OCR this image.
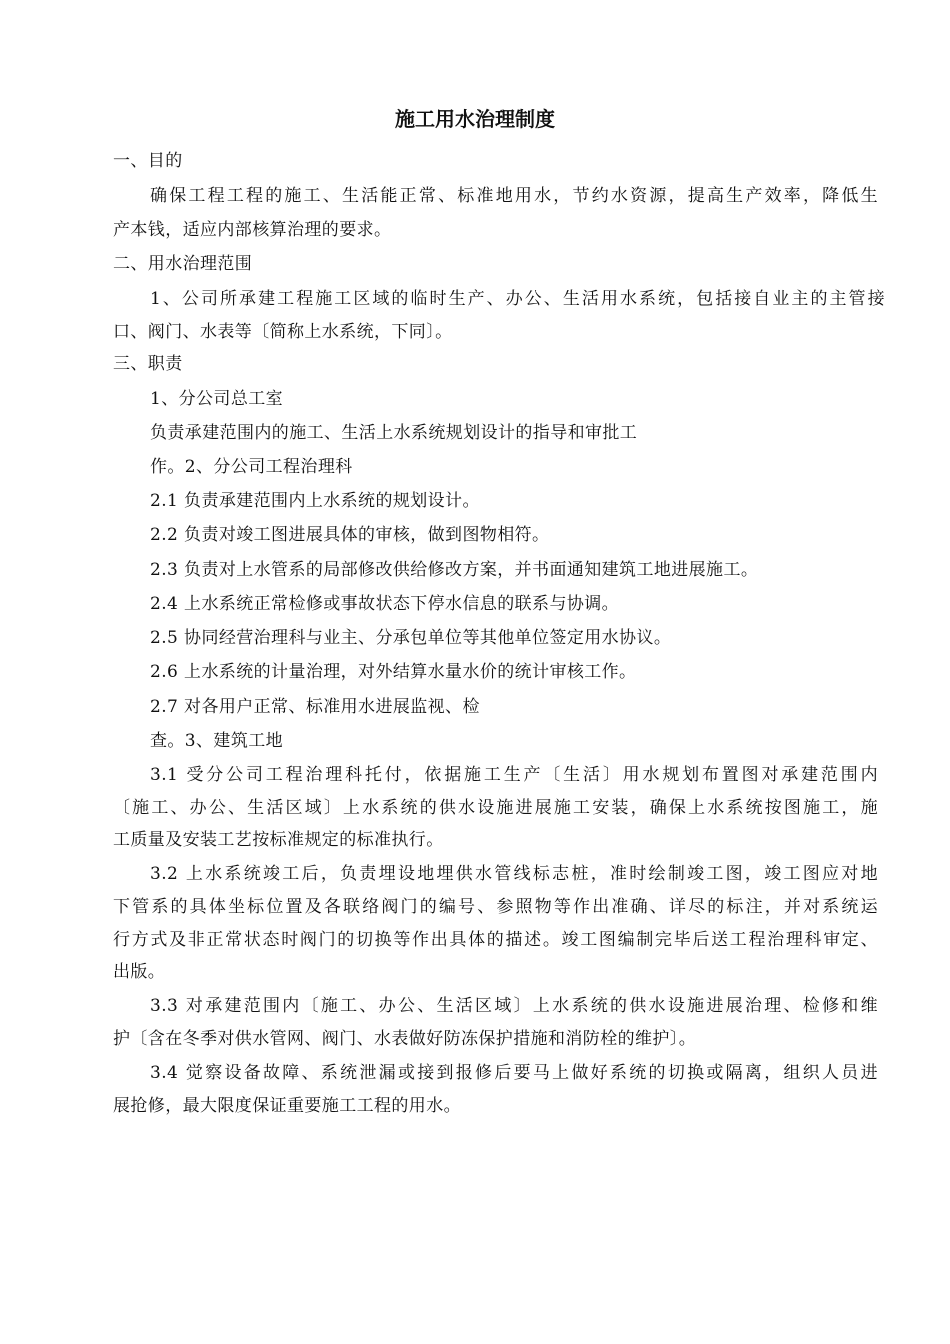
施工用水治理制度
一、目的
确保工程工程的施工、生活能正常、标准地用水，节约水资源，提高生产效率，降低生
产本钱，适应内部核算治理的要求。
二、用水治理范围
1、公司所承建工程施工区域的临时生产、办公、生活用水系统，包括接自业主的主管接
口、阀门、水表等〔简称上水系统，下同〕。
三、职责
1、分公司总工室
负责承建范围内的施工、生活上水系统规划设计的指导和审批工
作。2、分公司工程治理科
2.1 负责承建范围内上水系统的规划设计。
2.2 负责对竣工图进展具体的审核，做到图物相符。
2.3 负责对上水管系的局部修改供给修改方案，并书面通知建筑工地进展施工。
2.4 上水系统正常检修或事故状态下停水信息的联系与协调。
2.5 协同经营治理科与业主、分承包单位等其他单位签定用水协议。
2.6 上水系统的计量治理，对外结算水量水价的统计审核工作。
2.7 对各用户正常、标准用水进展监视、检
查。3、建筑工地
3.1 受分公司工程治理科托付，依据施工生产〔生活〕用水规划布置图对承建范围内
〔施工、办公、生活区域〕上水系统的供水设施进展施工安装，确保上水系统按图施工，施
工质量及安装工艺按标准规定的标准执行。
3.2 上水系统竣工后，负责埋设地埋供水管线标志桩，准时绘制竣工图，竣工图应对地
下管系的具体坐标位置及各联络阀门的编号、参照物等作出准确、详尽的标注，并对系统运
行方式及非正常状态时阀门的切换等作出具体的描述。竣工图编制完毕后送工程治理科审定、
出版。
3.3 对承建范围内〔施工、办公、生活区域〕上水系统的供水设施进展治理、检修和维
护〔含在冬季对供水管网、阀门、水表做好防冻保护措施和消防栓的维护〕。
3.4 觉察设备故障、系统泄漏或接到报修后要马上做好系统的切换或隔离，组织人员进
展抢修，最大限度保证重要施工工程的用水。
